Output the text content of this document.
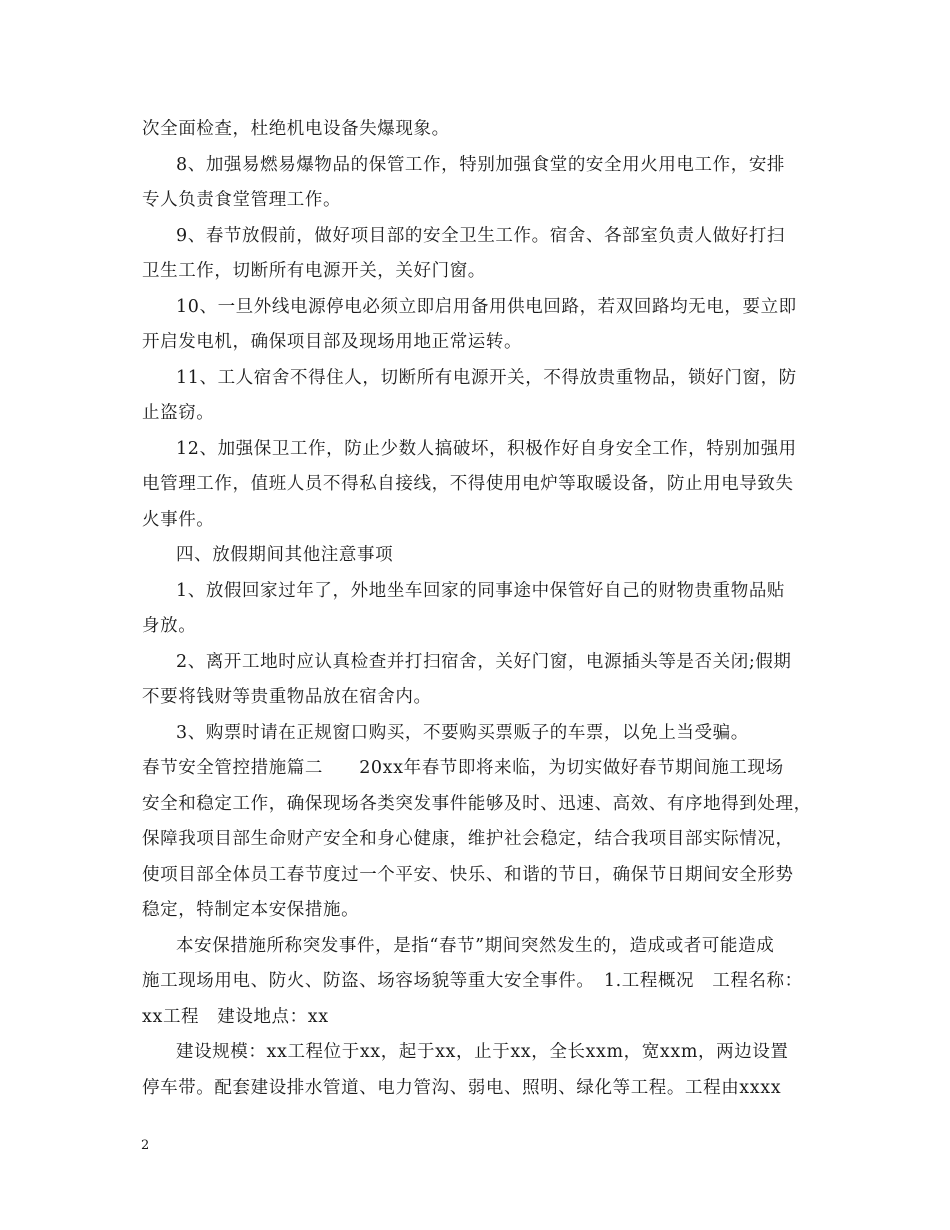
次全面检查，杜绝机电设备失爆现象。
8、加强易燃易爆物品的保管工作，特别加强食堂的安全用火用电工作，安排
专人负责食堂管理工作。
9、春节放假前，做好项目部的安全卫生工作。宿舍、各部室负责人做好打扫
卫生工作，切断所有电源开关，关好门窗。
10、一旦外线电源停电必须立即启用备用供电回路，若双回路均无电，要立即
开启发电机，确保项目部及现场用地正常运转。
11、工人宿舍不得住人，切断所有电源开关，不得放贵重物品，锁好门窗，防
止盗窃。
12、加强保卫工作，防止少数人搞破坏，积极作好自身安全工作，特别加强用
电管理工作，值班人员不得私自接线，不得使用电炉等取暖设备，防止用电导致失
火事件。
四、放假期间其他注意事项
1、放假回家过年了，外地坐车回家的同事途中保管好自己的财物贵重物品贴
身放。
2、离开工地时应认真检查并打扫宿舍，关好门窗，电源插头等是否关闭;假期
不要将钱财等贵重物品放在宿舍内。
3、购票时请在正规窗口购买，不要购买票贩子的车票，以免上当受骗。
春节安全管控措施篇二　　20xx年春节即将来临，为切实做好春节期间施工现场
安全和稳定工作，确保现场各类突发事件能够及时、迅速、高效、有序地得到处理，
保障我项目部生命财产安全和身心健康，维护社会稳定，结合我项目部实际情况，
使项目部全体员工春节度过一个平安、快乐、和谐的节日，确保节日期间安全形势
稳定，特制定本安保措施。
本安保措施所称突发事件，是指“春节”期间突然发生的，造成或者可能造成
施工现场用电、防火、防盗、场容场貌等重大安全事件。　1.工程概况　工程名称：
xx工程　建设地点：xx
建设规模：xx工程位于xx，起于xx，止于xx，全长xxm，宽xxm，两边设置
停车带。配套建设排水管道、电力管沟、弱电、照明、绿化等工程。工程由xxxx
2
